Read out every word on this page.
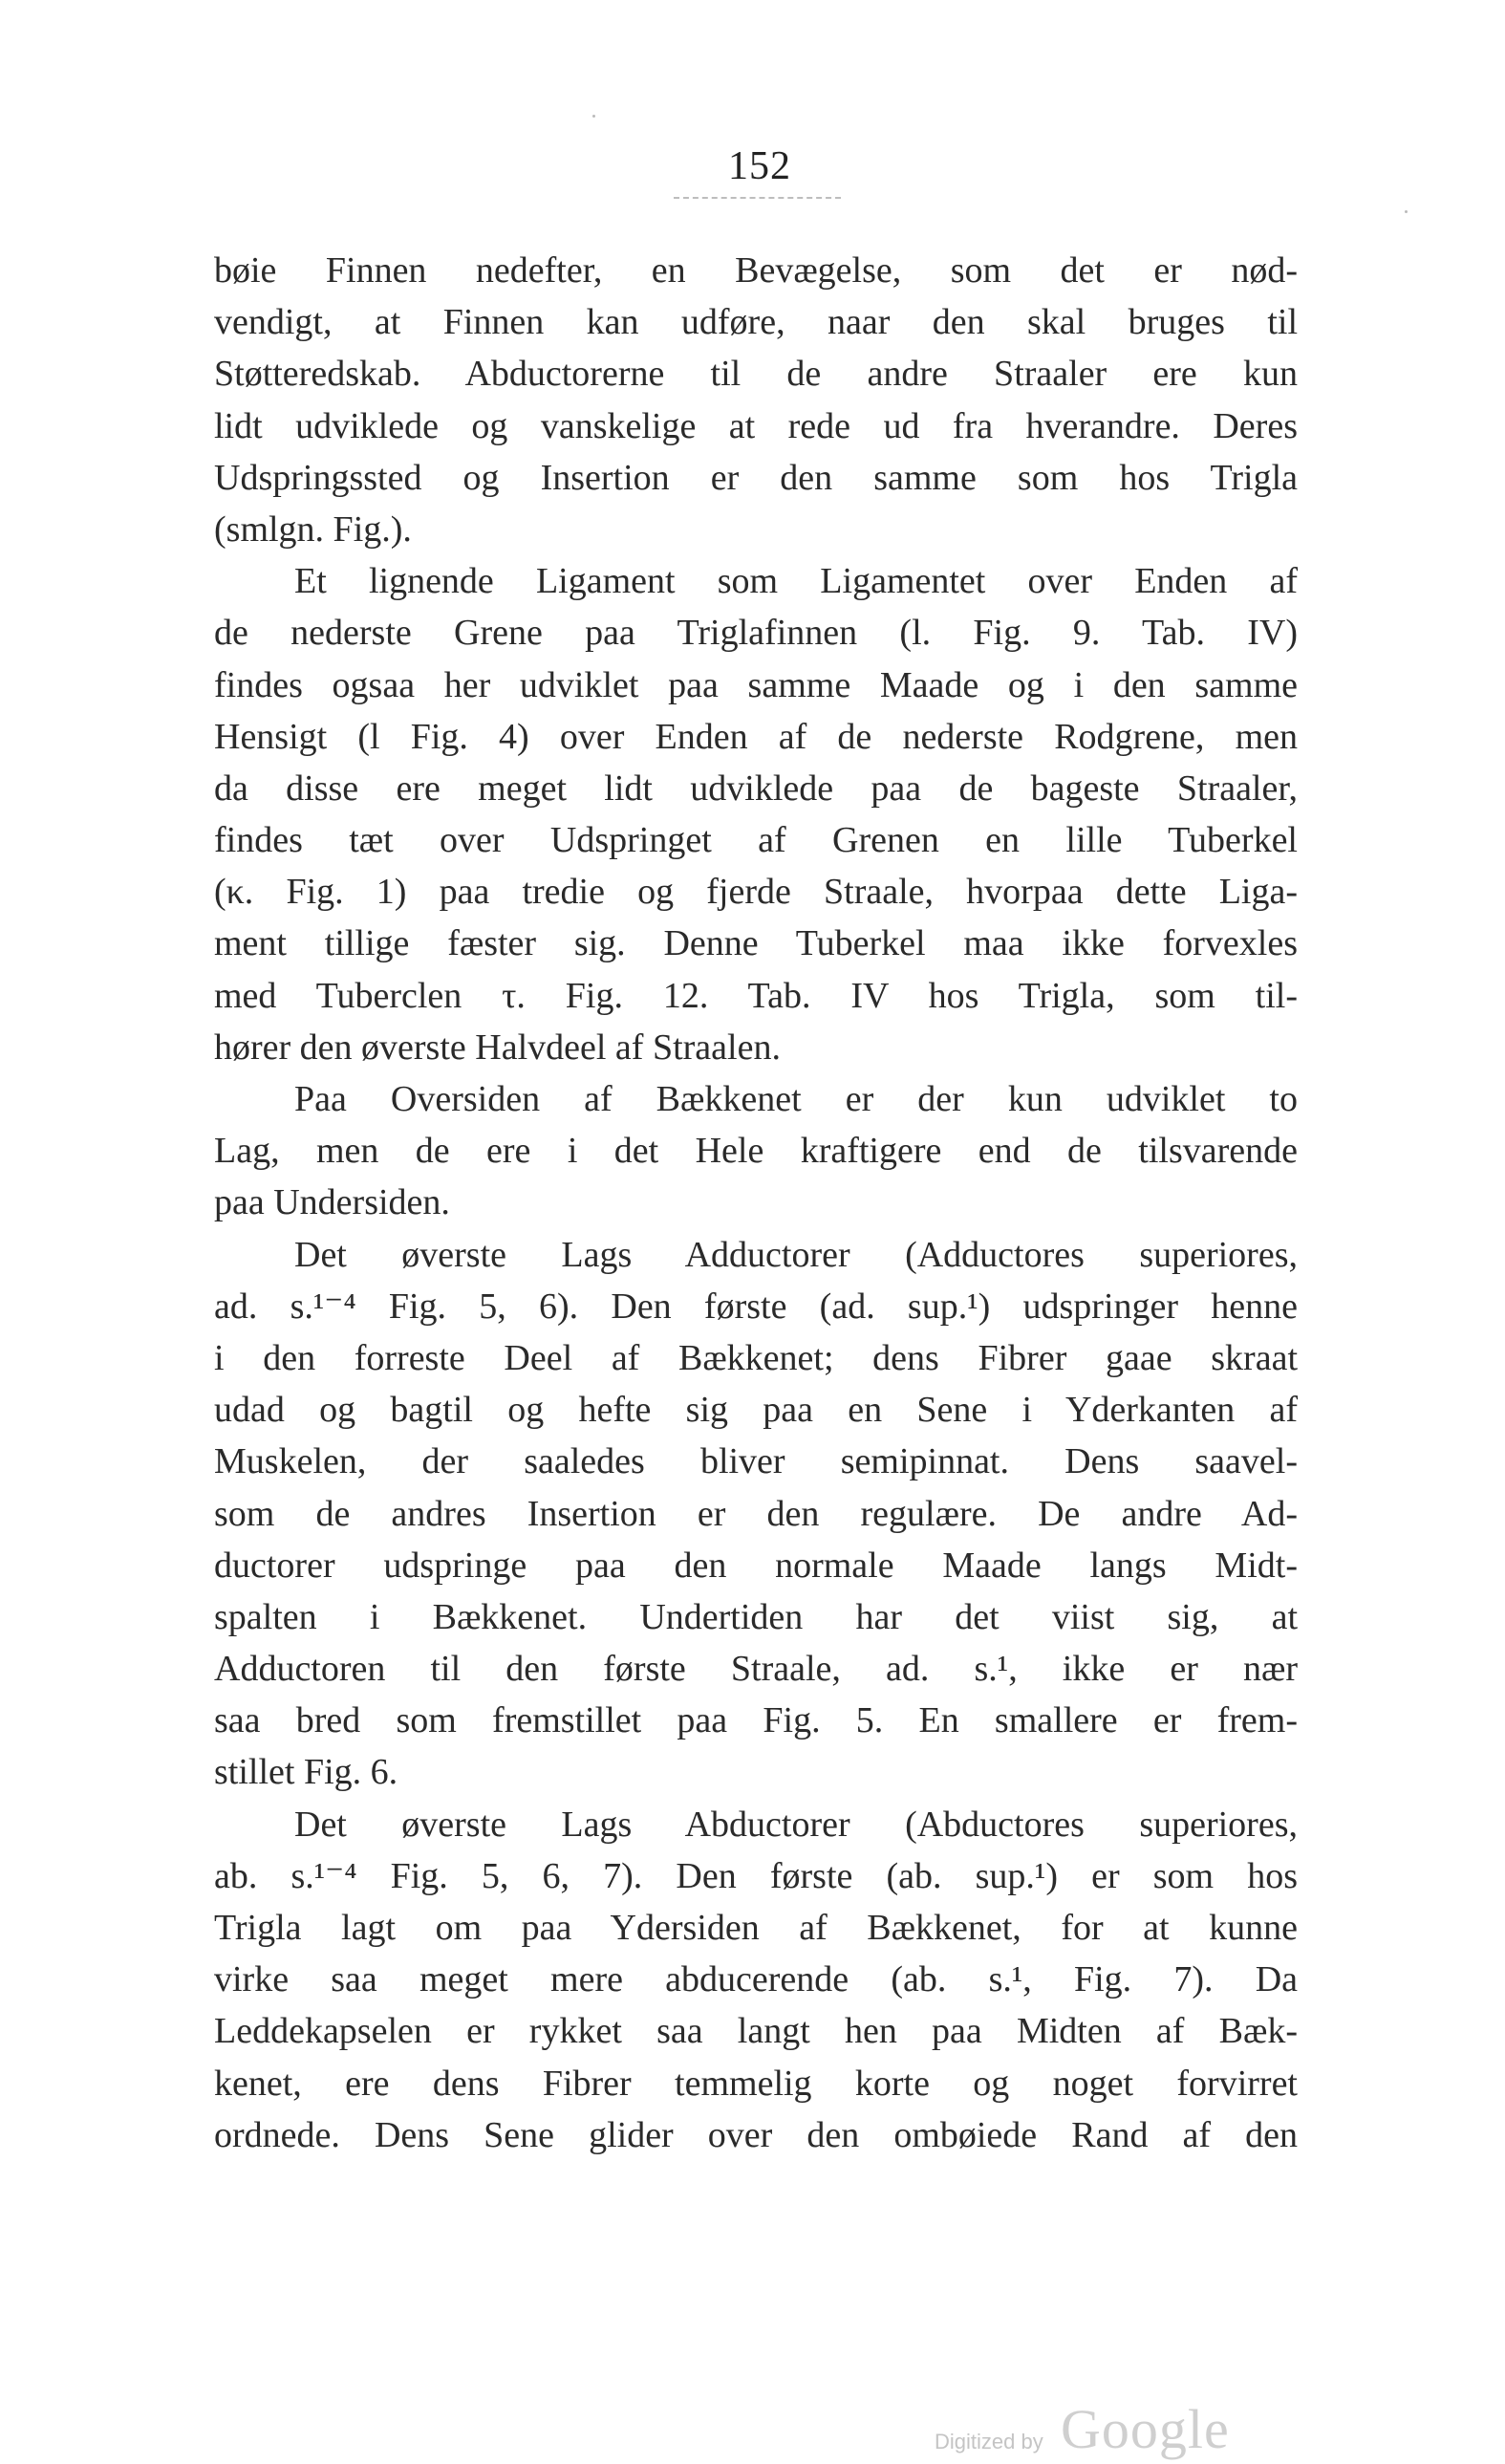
152
bøie Finnen nedefter, en Bevægelse, som det er nød-
vendigt, at Finnen kan udføre, naar den skal bruges til
Støtteredskab. Abductorerne til de andre Straaler ere kun
lidt udviklede og vanskelige at rede ud fra hverandre. Deres
Udspringssted og Insertion er den samme som hos Trigla
(smlgn. Fig.).
Et lignende Ligament som Ligamentet over Enden af
de nederste Grene paa Triglafinnen (l. Fig. 9. Tab. IV)
findes ogsaa her udviklet paa samme Maade og i den samme
Hensigt (l Fig. 4) over Enden af de nederste Rodgrene, men
da disse ere meget lidt udviklede paa de bageste Straaler,
findes tæt over Udspringet af Grenen en lille Tuberkel
(κ. Fig. 1) paa tredie og fjerde Straale, hvorpaa dette Liga-
ment tillige fæster sig. Denne Tuberkel maa ikke forvexles
med Tuberclen τ. Fig. 12. Tab. IV hos Trigla, som til-
hører den øverste Halvdeel af Straalen.
Paa Oversiden af Bækkenet er der kun udviklet to
Lag, men de ere i det Hele kraftigere end de tilsvarende
paa Undersiden.
Det øverste Lags Adductorer (Adductores superiores,
ad. s.¹⁻⁴ Fig. 5, 6). Den første (ad. sup.¹) udspringer henne
i den forreste Deel af Bækkenet; dens Fibrer gaae skraat
udad og bagtil og hefte sig paa en Sene i Yderkanten af
Muskelen, der saaledes bliver semipinnat. Dens saavel-
som de andres Insertion er den regulære. De andre Ad-
ductorer udspringe paa den normale Maade langs Midt-
spalten i Bækkenet. Undertiden har det viist sig, at
Adductoren til den første Straale, ad. s.¹, ikke er nær
saa bred som fremstillet paa Fig. 5. En smallere er frem-
stillet Fig. 6.
Det øverste Lags Abductorer (Abductores superiores,
ab. s.¹⁻⁴ Fig. 5, 6, 7). Den første (ab. sup.¹) er som hos
Trigla lagt om paa Ydersiden af Bækkenet, for at kunne
virke saa meget mere abducerende (ab. s.¹, Fig. 7). Da
Leddekapselen er rykket saa langt hen paa Midten af Bæk-
kenet, ere dens Fibrer temmelig korte og noget forvirret
ordnede. Dens Sene glider over den ombøiede Rand af den
Digitized by Google
